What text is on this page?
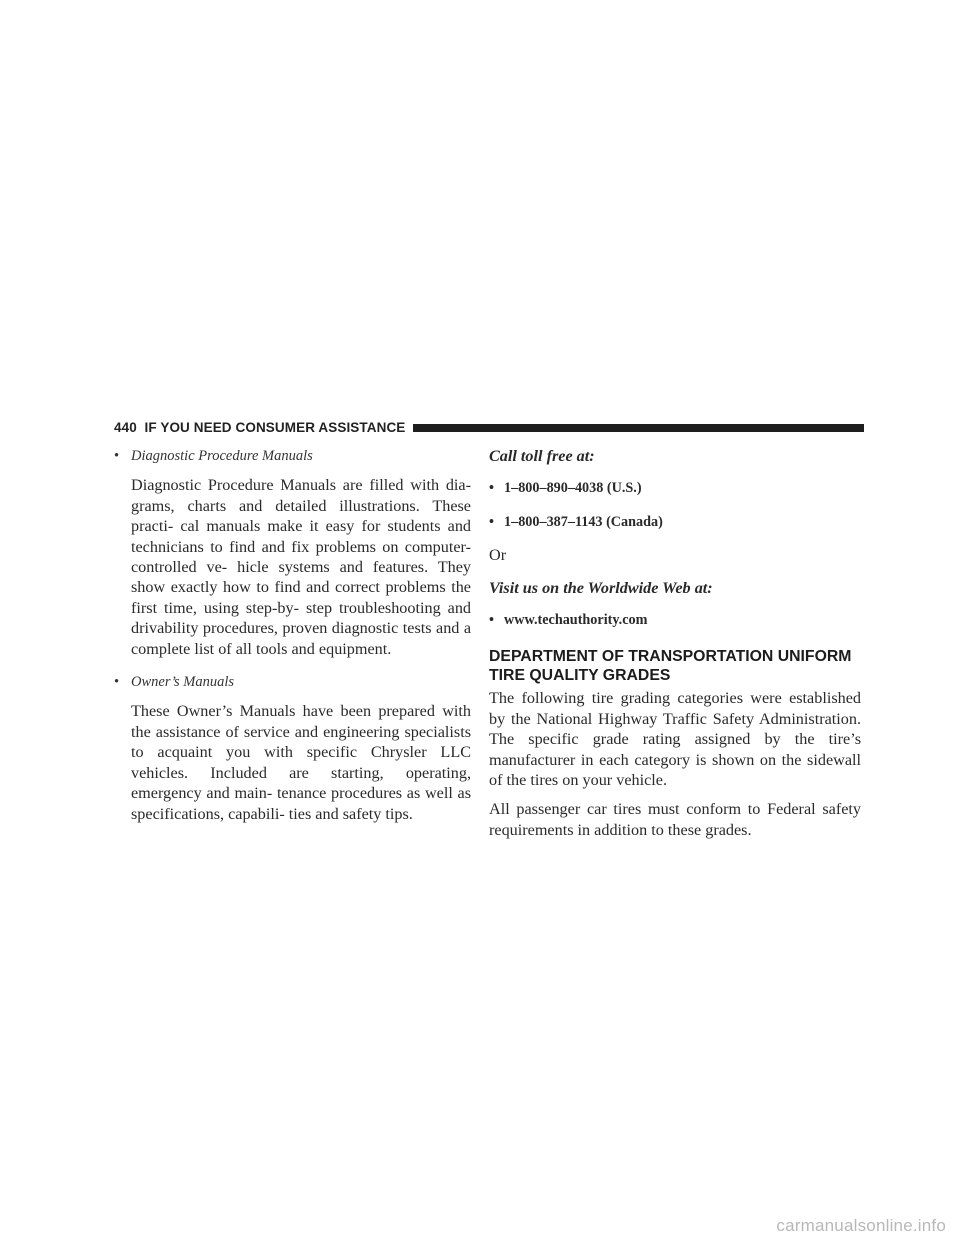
440 IF YOU NEED CONSUMER ASSISTANCE
• Diagnostic Procedure Manuals

Diagnostic Procedure Manuals are filled with dia- grams, charts and detailed illustrations. These practi- cal manuals make it easy for students and technicians to find and fix problems on computer-controlled ve- hicle systems and features. They show exactly how to find and correct problems the first time, using step-by- step troubleshooting and drivability procedures, proven diagnostic tests and a complete list of all tools and equipment.

• Owner’s Manuals

These Owner’s Manuals have been prepared with the assistance of service and engineering specialists to acquaint you with specific Chrysler LLC vehicles. Included are starting, operating, emergency and main- tenance procedures as well as specifications, capabili- ties and safety tips.

Call toll free at:

• 1–800–890–4038 (U.S.)
• 1–800–387–1143 (Canada)

Or

Visit us on the Worldwide Web at:

• www.techauthority.com
DEPARTMENT OF TRANSPORTATION UNIFORM
TIRE QUALITY GRADES

The following tire grading categories were established by the National Highway Traffic Safety Administration. The specific grade rating assigned by the tire’s manufacturer in each category is shown on the sidewall of the tires on your vehicle.

All passenger car tires must conform to Federal safety requirements in addition to these grades.

carmanualsonline.info
